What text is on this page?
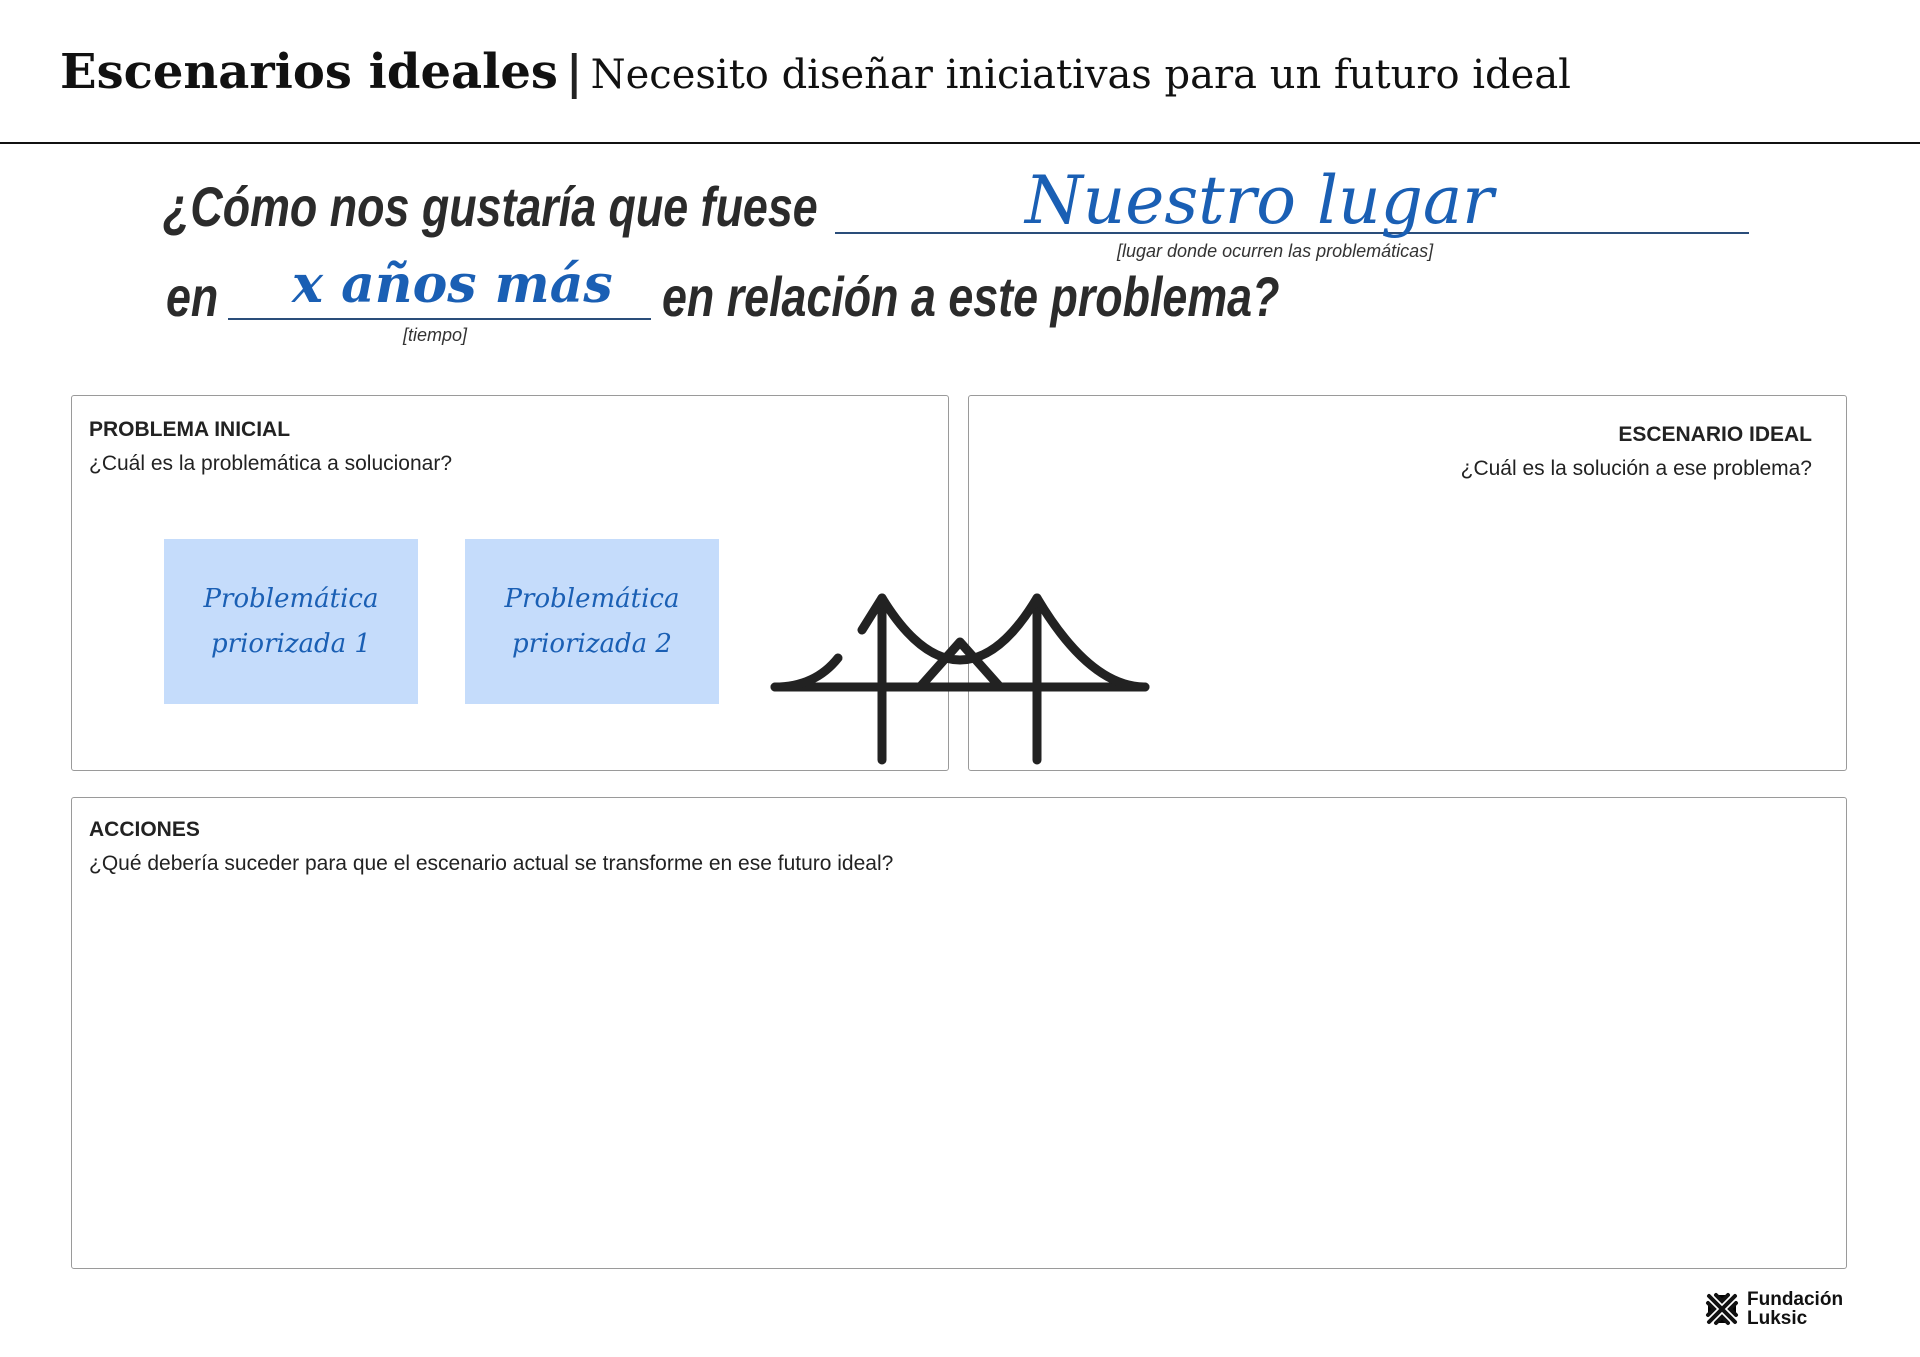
Escenarios ideales | Necesito diseñar iniciativas para un futuro ideal
¿Cómo nos gustaría que fuese	Nuestro lugar
[lugar donde ocurren las problemáticas]
en x años más
[tiempo]
en relación a este problema?
PROBLEMA INICIAL
¿Cuál es la problemática a solucionar?
Problemática
priorizada 1
Problemática
priorizada 2
ESCENARIO IDEAL
¿Cuál es la solución a ese problema?
ACCIONES
¿Qué debería suceder para que el escenario actual se transforme en ese futuro ideal?
Fundación
Luksic
